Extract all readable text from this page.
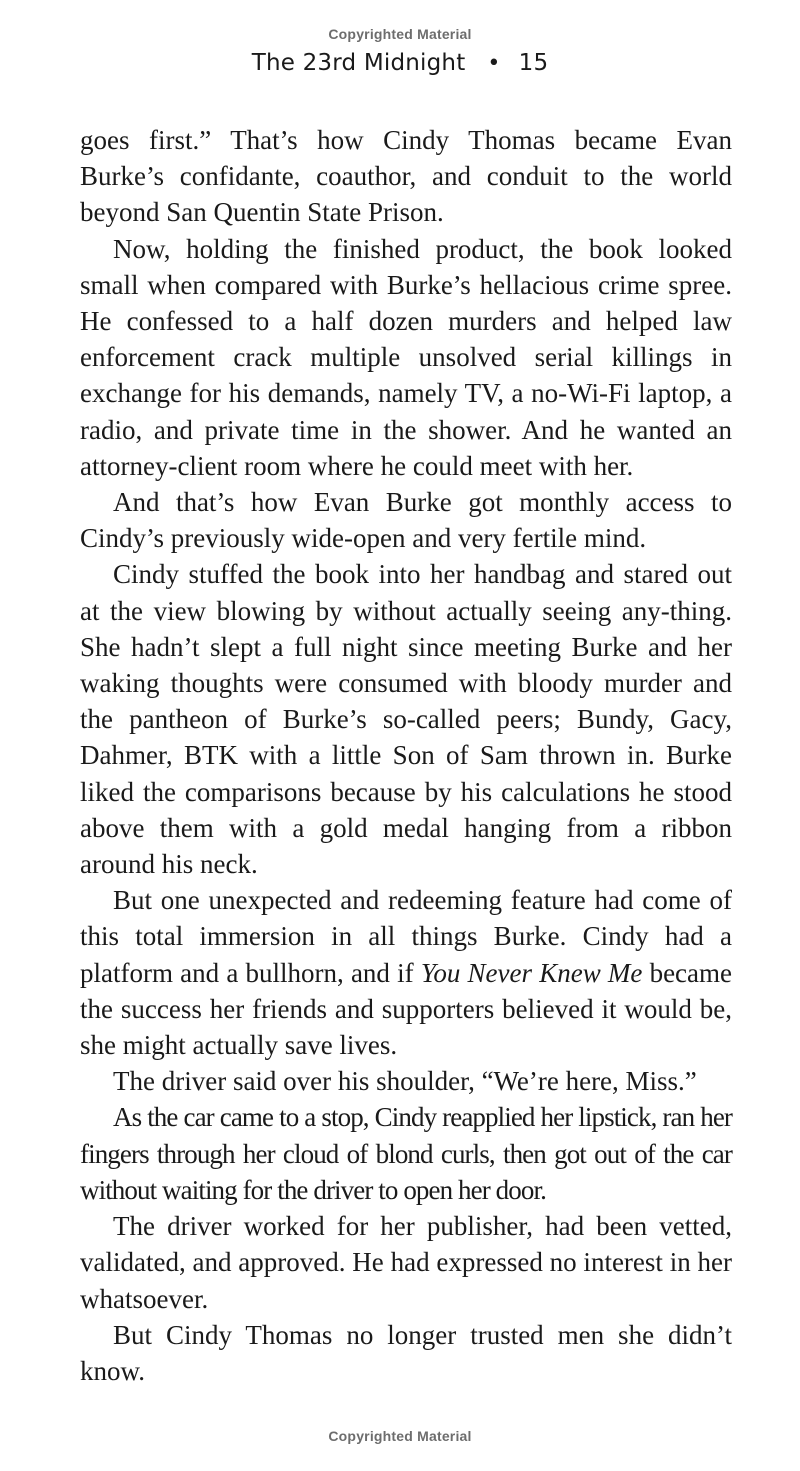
Copyrighted Material
The 23rd Midnight • 15

goes first.” That’s how Cindy Thomas became Evan Burke’s confidante, coauthor, and conduit to the world beyond San Quentin State Prison.

Now, holding the finished product, the book looked small when compared with Burke’s hellacious crime spree. He confessed to a half dozen murders and helped law enforcement crack multiple unsolved serial killings in exchange for his demands, namely TV, a no-Wi-Fi laptop, a radio, and private time in the shower. And he wanted an attorney-client room where he could meet with her.

And that’s how Evan Burke got monthly access to Cindy’s previously wide-open and very fertile mind.

Cindy stuffed the book into her handbag and stared out at the view blowing by without actually seeing any-thing. She hadn’t slept a full night since meeting Burke and her waking thoughts were consumed with bloody murder and the pantheon of Burke’s so-called peers; Bundy, Gacy, Dahmer, BTK with a little Son of Sam thrown in. Burke liked the comparisons because by his calculations he stood above them with a gold medal hanging from a ribbon around his neck.

But one unexpected and redeeming feature had come of this total immersion in all things Burke. Cindy had a platform and a bullhorn, and if You Never Knew Me became the success her friends and supporters believed it would be, she might actually save lives.

The driver said over his shoulder, “We’re here, Miss.”

As the car came to a stop, Cindy reapplied her lipstick, ran her fingers through her cloud of blond curls, then got out of the car without waiting for the driver to open her door.

The driver worked for her publisher, had been vetted, validated, and approved. He had expressed no interest in her whatsoever.

But Cindy Thomas no longer trusted men she didn’t know.

Copyrighted Material
